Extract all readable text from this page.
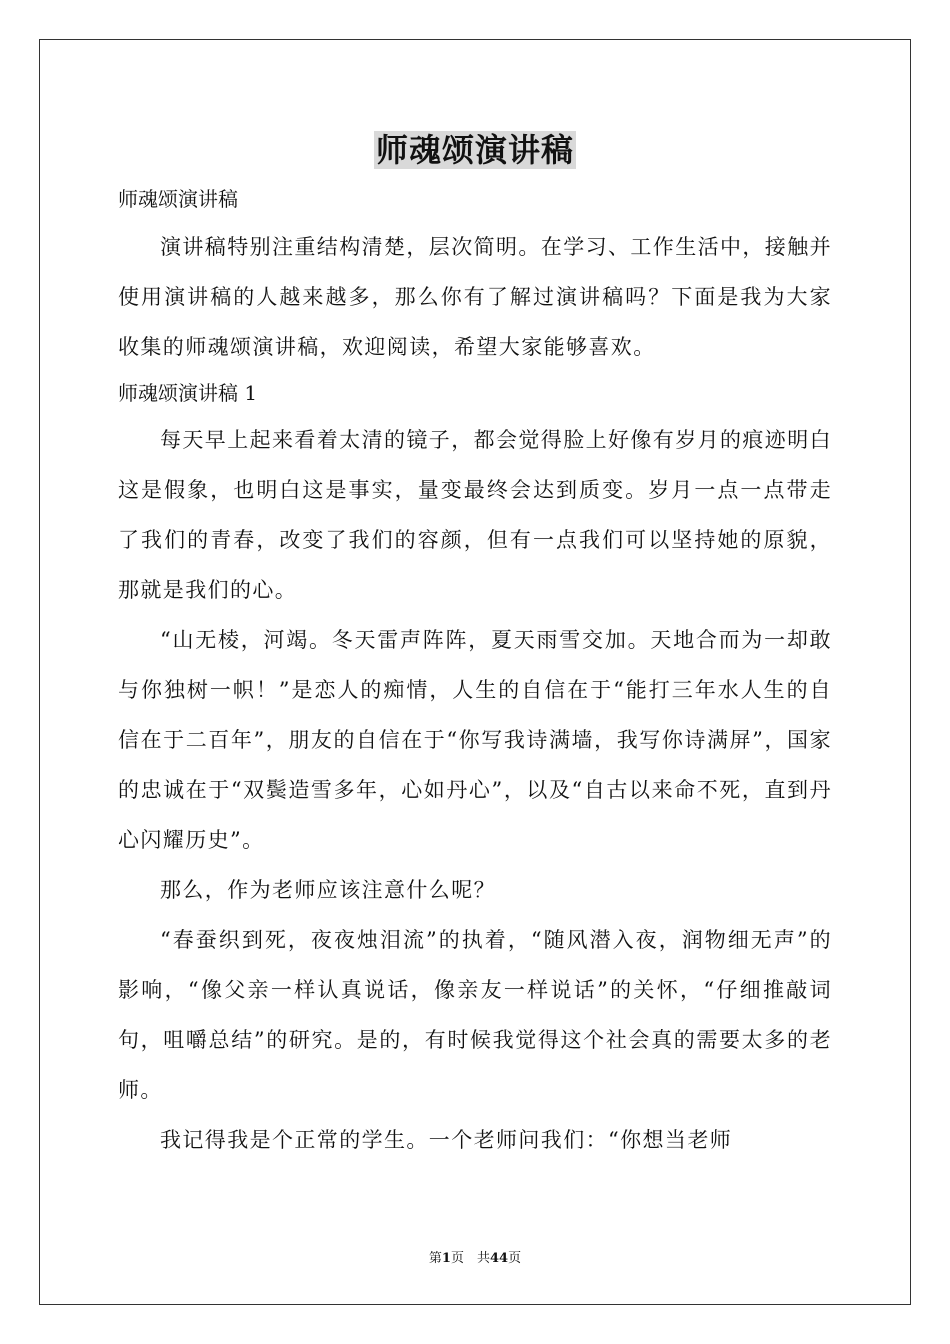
师魂颂演讲稿

师魂颂演讲稿

演讲稿特别注重结构清楚，层次简明。在学习、工作生活中，接触并使用演讲稿的人越来越多，那么你有了解过演讲稿吗？下面是我为大家收集的师魂颂演讲稿，欢迎阅读，希望大家能够喜欢。

师魂颂演讲稿 1

每天早上起来看着太清的镜子，都会觉得脸上好像有岁月的痕迹明白这是假象，也明白这是事实，量变最终会达到质变。岁月一点一点带走了我们的青春，改变了我们的容颜，但有一点我们可以坚持她的原貌，那就是我们的心。

“山无棱，河竭。冬天雷声阵阵，夏天雨雪交加。天地合而为一却敢与你独树一帜！”是恋人的痴情，人生的自信在于“能打三年水人生的自信在于二百年”，朋友的自信在于“你写我诗满墙，我写你诗满屏”，国家的忠诚在于“双鬓造雪多年，心如丹心”，以及“自古以来命不死，直到丹心闪耀历史”。

那么，作为老师应该注意什么呢？

“春蚕织到死，夜夜烛泪流”的执着，“随风潜入夜，润物细无声”的影响，“像父亲一样认真说话，像亲友一样说话”的关怀，“仔细推敲词句，咀嚼总结”的研究。是的，有时候我觉得这个社会真的需要太多的老师。

我记得我是个正常的学生。一个老师问我们：“你想当老师

第1页　共44页
